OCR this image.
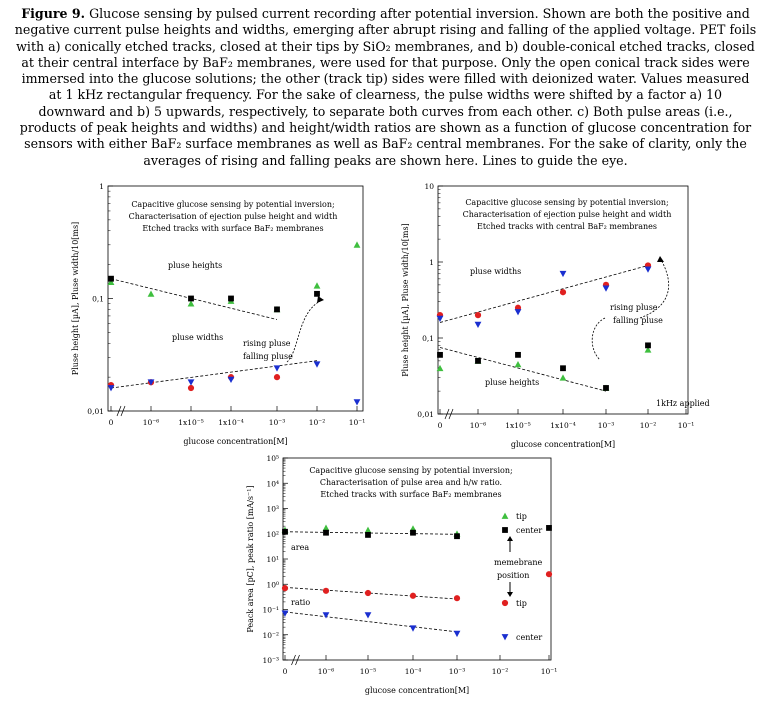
Figure 9. Glucose sensing by pulsed current recording after potential inversion. Shown are both the positive and negative current pulse heights and widths, emerging after abrupt rising and falling of the applied voltage. PET foils with a) conically etched tracks, closed at their tips by SiO₂ membranes, and b) double-conical etched tracks, closed at their central interface by BaF₂ membranes, were used for that purpose. Only the open conical track sides were immersed into the glucose solutions; the other (track tip) sides were filled with deionized water. Values measured at 1 kHz rectangular frequency. For the sake of clearness, the pulse widths were shifted by a factor a) 10 downward and b) 5 upwards, respectively, to separate both curves from each other. c) Both pulse areas (i.e., products of peak heights and widths) and height/width ratios are shown as a function of glucose concentration for sensors with either BaF₂ surface membranes as well as BaF₂ central membranes. For the sake of clarity, only the averages of rising and falling peaks are shown here. Lines to guide the eye.

1
0,1
0,01
0	10⁻⁶	1x10⁻⁵ 1x10⁻⁴	10⁻³	10⁻²	10⁻¹
glucose concentration[M]
Pluse height [µA], Pluse width/10[ms]
Capacitive glucose sensing by potential inversion;
Characterisation of ejection pulse height and width
Etched tracks with surface BaF₂ membranes
pluse heights
pluse widths
rising pluse
falling pluse
10
1
0,1
0,01
0	10⁻⁶	1x10⁻⁵	1x10⁻⁴	10⁻³	10⁻²	10⁻¹
glucose concentration[M]
Pluse height [µA], Pluse width/10[ms]
Capacitive glucose sensing by potential inversion;
Characterisation of ejection pulse height and width
Etched tracks with central BaF₂ membranes
pluse widths
pluse heights
rising pluse
falling pluse
1kHz applied
10⁵
10⁴
10³
10²
10¹
10⁰
10⁻¹
10⁻²
10⁻³
0	10⁻⁶	10⁻⁵	10⁻⁴	10⁻³	10⁻²	10⁻¹
glucose concentration[M]
Peack area [pC], peak ratio [mA/s⁻¹]
Capacitive glucose sensing by potential inversion;
Characterisation of pulse area and h/w ratio.
Etched tracks with surface BaF₂ membranes
area
ratio
memebrane
position
tip
center
tip
center
